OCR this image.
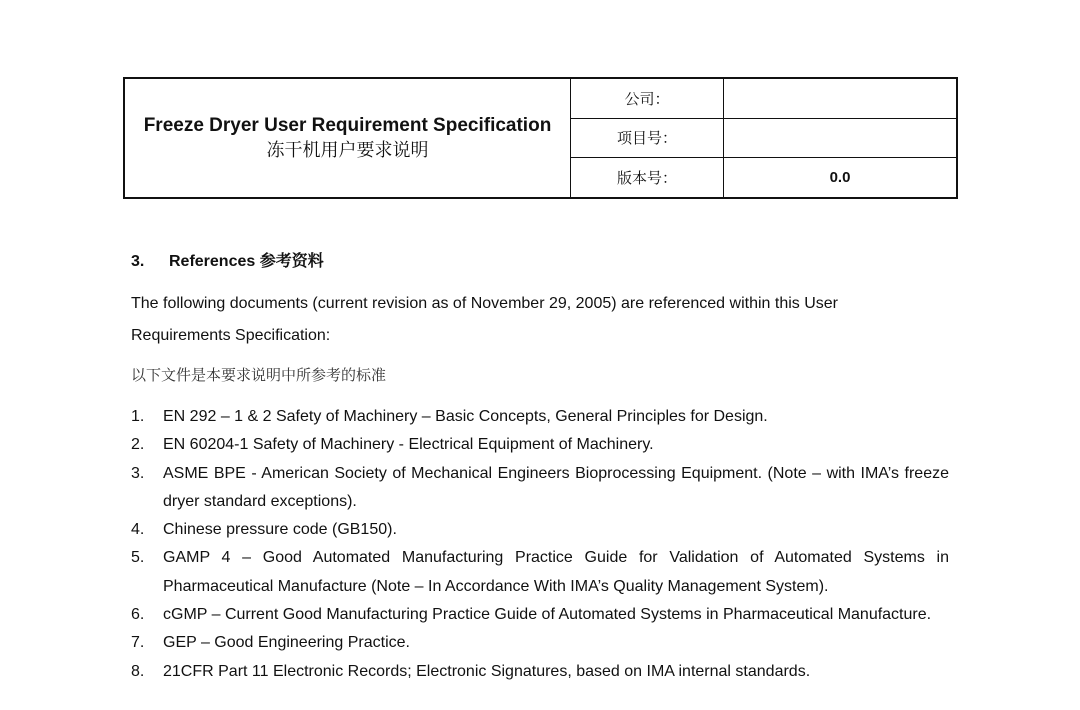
Freeze Dryer User Requirement Specification
冻干机用户要求说明	公司：	
	项目号：	
	版本号：	0.0
3. References 参考资料
The following documents (current revision as of November 29, 2005) are referenced within this User Requirements Specification:
以下文件是本要求说明中所参考的标准
1.	EN 292 – 1 & 2 Safety of Machinery – Basic Concepts, General Principles for Design.
2.	EN 60204-1 Safety of Machinery - Electrical Equipment of Machinery.
3.	ASME BPE - American Society of Mechanical Engineers Bioprocessing Equipment. (Note – with IMA’s freeze dryer standard exceptions).
4.	Chinese pressure code (GB150).
5.	GAMP 4 – Good Automated Manufacturing Practice Guide for Validation of Automated Systems in Pharmaceutical Manufacture (Note – In Accordance With IMA’s Quality Management System).
6.	cGMP – Current Good Manufacturing Practice Guide of Automated Systems in Pharmaceutical Manufacture.
7.	GEP – Good Engineering Practice.
8.	21CFR Part 11 Electronic Records; Electronic Signatures, based on IMA internal standards.
